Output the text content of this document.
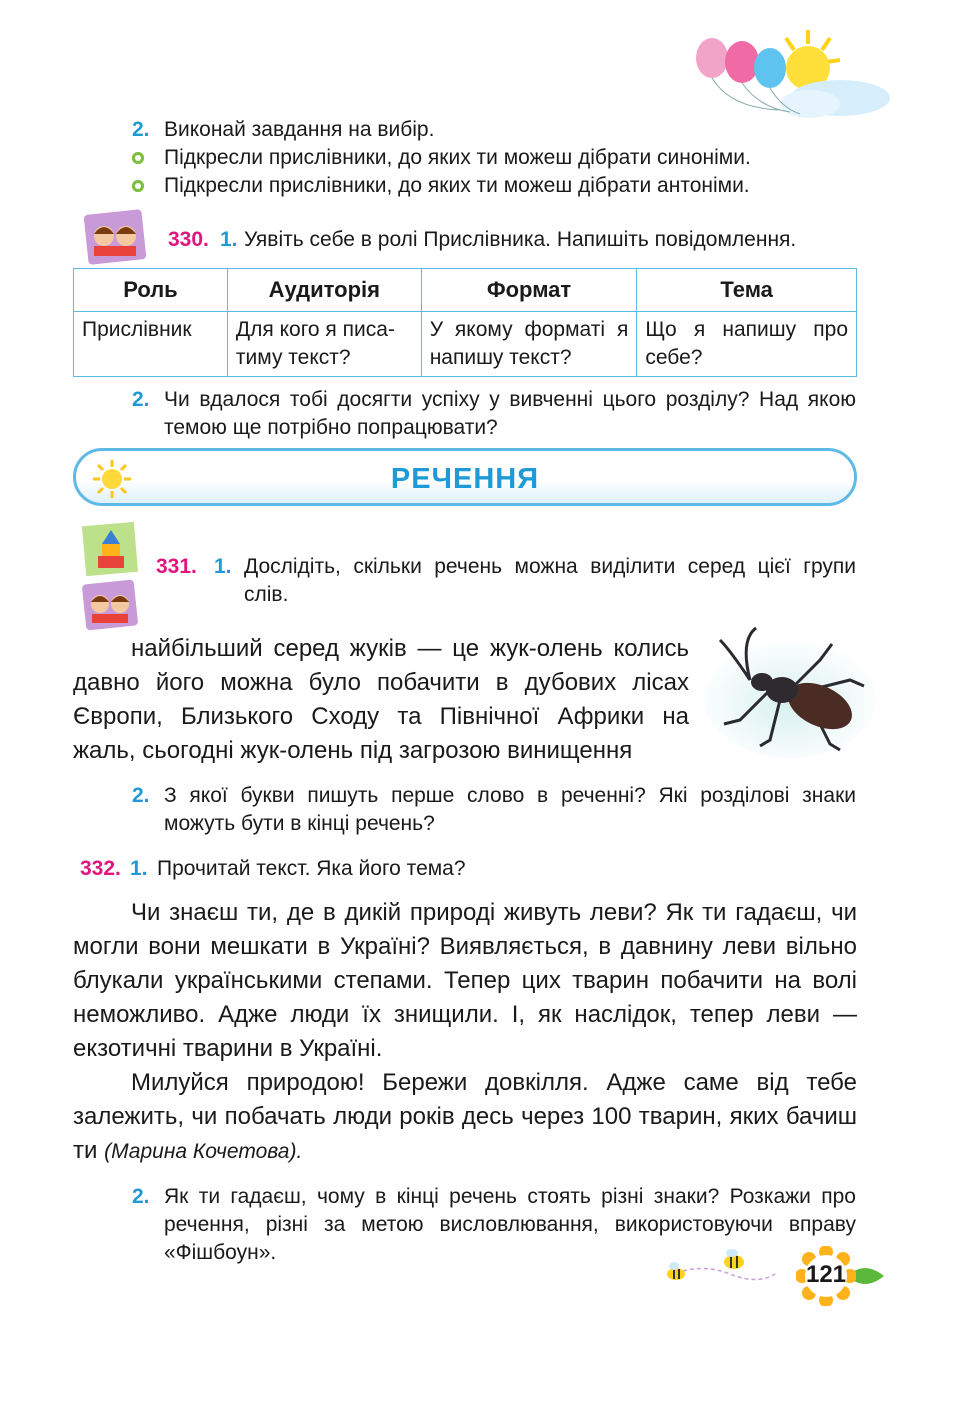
2. Виконай завдання на вибір.
Підкресли прислівники, до яких ти можеш дібрати синоніми.
Підкресли прислівники, до яких ти можеш дібрати антоніми.
330. 1. Уявіть себе в ролі Прислівника. Напишіть повідомлення.
Роль	Аудиторія	Формат	Тема
Прислівник	Для кого я писатиму текст?	У якому форматі я напишу текст?	Що я напишу про себе?
2. Чи вдалося тобі досягти успіху у вивченні цього розділу? Над якою темою ще потрібно попрацювати?
РЕЧЕННЯ
331. 1. Дослідіть, скільки речень можна виділити серед цієї групи слів.
найбільший серед жуків — це жук-олень колись давно його можна було побачити в дубових лісах Європи, Близького Сходу та Північної Африки на жаль, сьогодні жук-олень під загрозою винищення
2. З якої букви пишуть перше слово в реченні? Які розділові знаки можуть бути в кінці речень?
332. 1. Прочитай текст. Яка його тема?
Чи знаєш ти, де в дикій природі живуть леви? Як ти гадаєш, чи могли вони мешкати в Україні? Виявляється, в давнину леви вільно блукали українськими степами. Тепер цих тварин побачити на волі неможливо. Адже люди їх знищили. І, як наслідок, тепер леви — екзотичні тварини в Україні.
Милуйся природою! Бережи довкілля. Адже саме від тебе залежить, чи побачать люди років десь через 100 тварин, яких бачиш ти (Марина Кочетова).
2. Як ти гадаєш, чому в кінці речень стоять різні знаки? Розкажи про речення, різні за метою висловлювання, використовуючи вправу «Фішбоун».
121
